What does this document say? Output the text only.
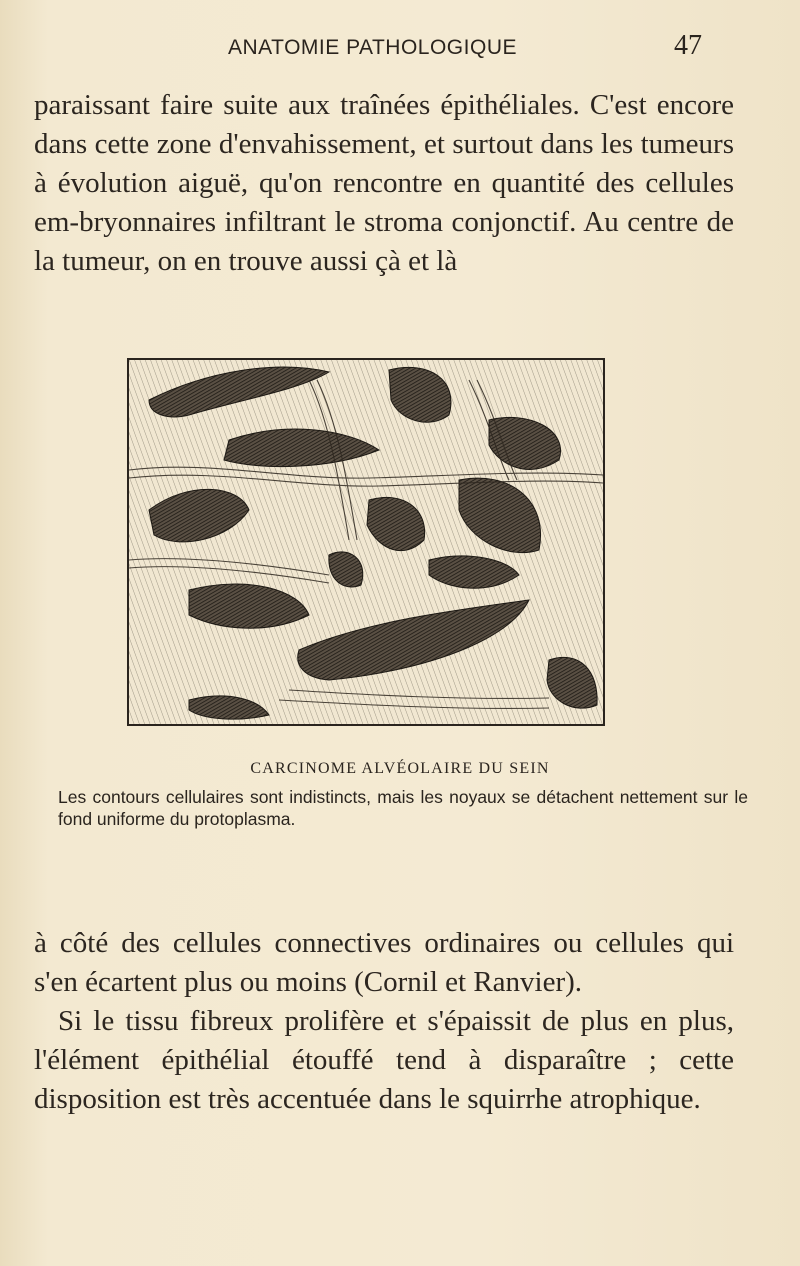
ANATOMIE PATHOLOGIQUE	47

paraissant faire suite aux traînées épithéliales. C'est encore dans cette zone d'envahissement, et surtout dans les tumeurs à évolution aiguë, qu'on rencontre en quantité des cellules em-bryonnaires infiltrant le stroma conjonctif. Au centre de la tumeur, on en trouve aussi çà et là

CARCINOME ALVÉOLAIRE DU SEIN

Les contours cellulaires sont indistincts, mais les noyaux se détachent nettement sur le fond uniforme du protoplasma.

à côté des cellules connectives ordinaires ou cellules qui s'en écartent plus ou moins (Cornil et Ranvier).
Si le tissu fibreux prolifère et s'épaissit de plus en plus, l'élément épithélial étouffé tend à disparaître ; cette disposition est très accentuée dans le squirrhe atrophique.
